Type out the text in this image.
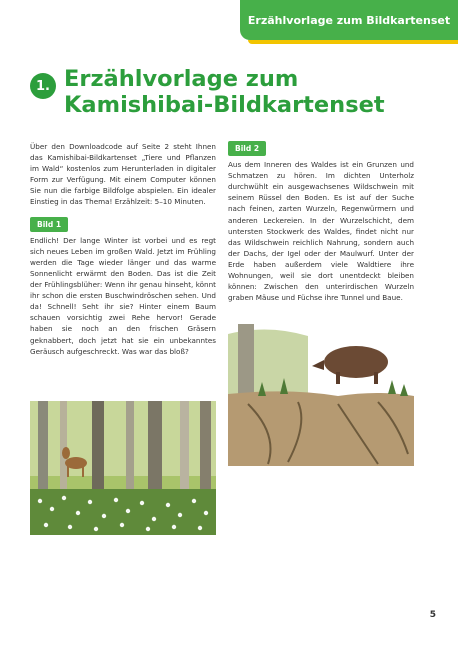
Erzählvorlage zum Bildkartenset
1. Erzählvorlage zum Kamishibai-Bildkartenset

Über den Downloadcode auf Seite 2 steht Ihnen das Kamishibai-Bildkartenset „Tiere und Pflanzen im Wald“ kostenlos zum Herunterladen in digitaler Form zur Verfügung. Mit einem Computer können Sie nun die farbige Bildfolge abspielen. Ein idealer Einstieg in das Thema! Erzählzeit: 5–10 Minuten.

Bild 1

Endlich! Der lange Winter ist vorbei und es regt sich neues Leben im großen Wald. Jetzt im Frühling werden die Tage wieder länger und das warme Sonnenlicht erwärmt den Boden. Das ist die Zeit der Frühlingsblüher: Wenn ihr genau hinseht, könnt ihr schon die ersten Buschwindröschen sehen. Und da! Schnell! Seht ihr sie? Hinter einem Baum schauen vorsichtig zwei Rehe hervor! Gerade haben sie noch an den frischen Gräsern geknabbert, doch jetzt hat sie ein unbekanntes Geräusch aufgeschreckt. Was war das bloß?

Bild 2

Aus dem Inneren des Waldes ist ein Grunzen und Schmatzen zu hören. Im dichten Unterholz durchwühlt ein ausgewachsenes Wildschwein mit seinem Rüssel den Boden. Es ist auf der Suche nach feinen, zarten Wurzeln, Regenwürmern und anderen Leckereien. In der Wurzelschicht, dem untersten Stockwerk des Waldes, findet nicht nur das Wildschwein reichlich Nahrung, sondern auch der Dachs, der Igel oder der Maulwurf. Unter der Erde haben außerdem viele Waldtiere ihre Wohnungen, weil sie dort unentdeckt bleiben können: Zwischen den unterirdischen Wurzeln graben Mäuse und Füchse ihre Tunnel und Baue.

5
